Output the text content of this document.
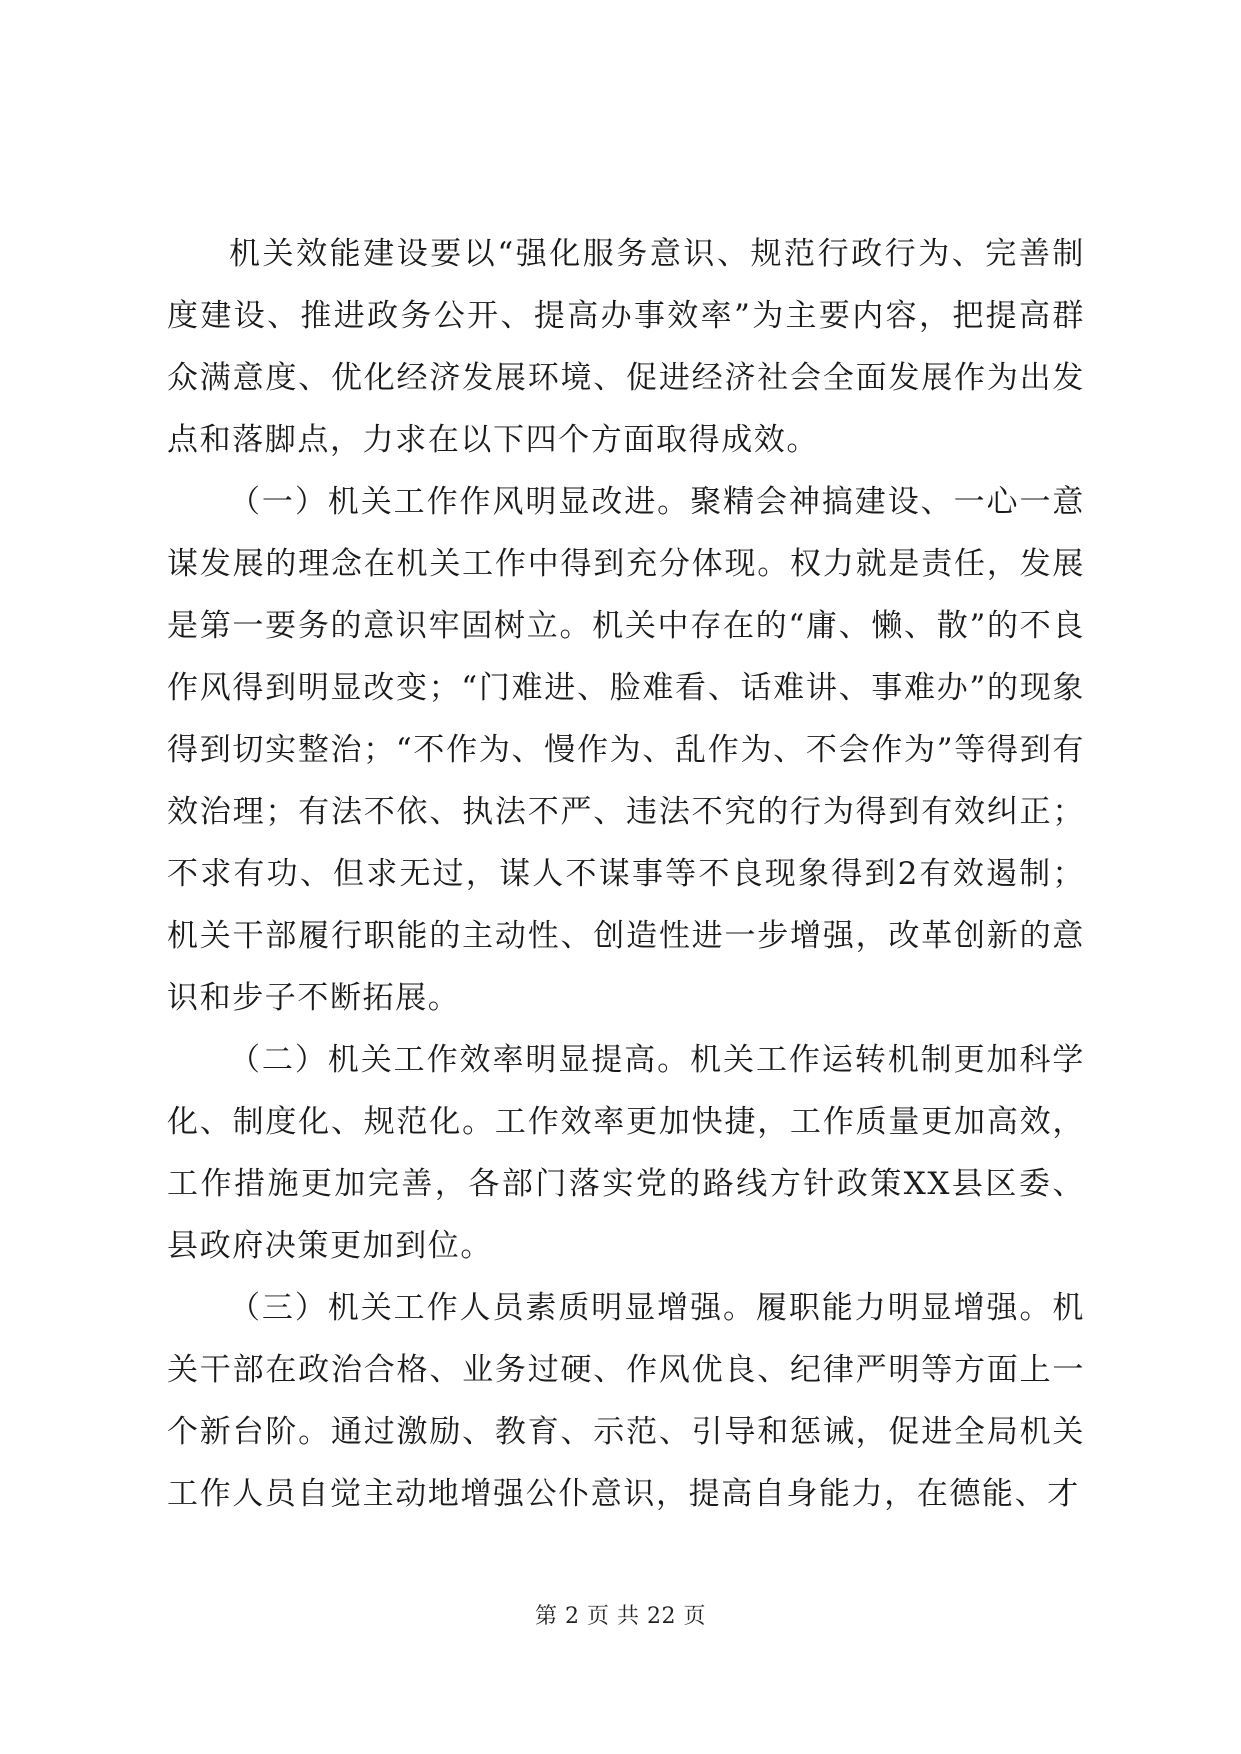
机关效能建设要以“强化服务意识、规范行政行为、完善制度建设、推进政务公开、提高办事效率”为主要内容，把提高群众满意度、优化经济发展环境、促进经济社会全面发展作为出发点和落脚点，力求在以下四个方面取得成效。

（一）机关工作作风明显改进。聚精会神搞建设、一心一意谋发展的理念在机关工作中得到充分体现。权力就是责任，发展是第一要务的意识牢固树立。机关中存在的“庸、懒、散”的不良作风得到明显改变；“门难进、脸难看、话难讲、事难办”的现象得到切实整治；“不作为、慢作为、乱作为、不会作为”等得到有效治理；有法不依、执法不严、违法不究的行为得到有效纠正；不求有功、但求无过，谋人不谋事等不良现象得到2有效遏制；机关干部履行职能的主动性、创造性进一步增强，改革创新的意识和步子不断拓展。

（二）机关工作效率明显提高。机关工作运转机制更加科学化、制度化、规范化。工作效率更加快捷，工作质量更加高效，工作措施更加完善，各部门落实党的路线方针政策XX县区委、县政府决策更加到位。

（三）机关工作人员素质明显增强。履职能力明显增强。机关干部在政治合格、业务过硬、作风优良、纪律严明等方面上一个新台阶。通过激励、教育、示范、引导和惩诫，促进全局机关工作人员自觉主动地增强公仆意识，提高自身能力，在德能、才

第 2 页 共 22 页
